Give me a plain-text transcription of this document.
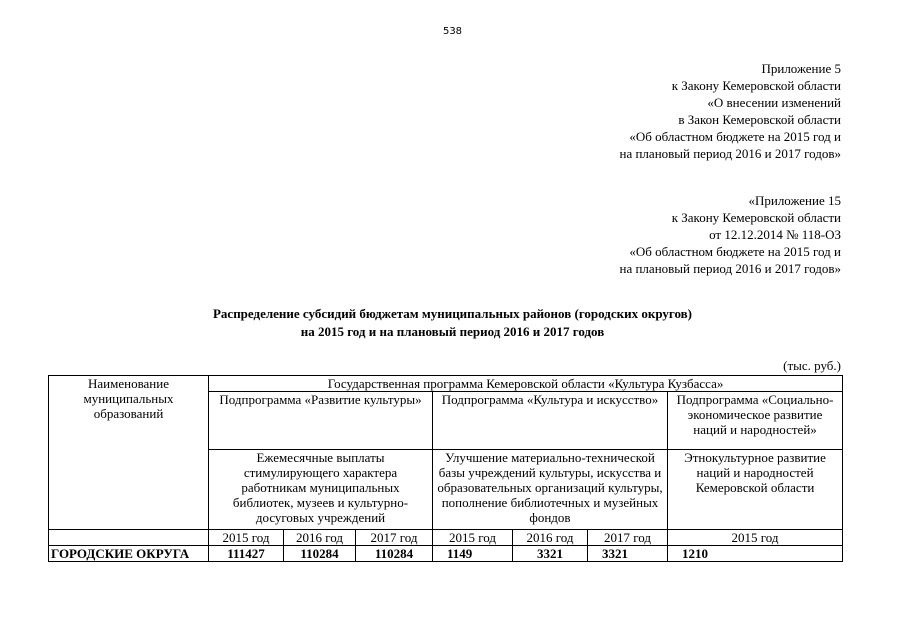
538
Приложение 5
к Закону Кемеровской области
«О внесении изменений
в Закон Кемеровской области
«Об областном бюджете на 2015 год и
на плановый период 2016 и 2017 годов»
«Приложение 15
к Закону Кемеровской области
от 12.12.2014 № 118-ОЗ
«Об областном бюджете на 2015 год и
на плановый период 2016 и 2017 годов»
Распределение субсидий бюджетам муниципальных районов (городских округов)
на 2015 год и на плановый период 2016 и 2017 годов
(тыс. руб.)
Наименование муниципальных образований	Государственная программа Кемеровской области «Культура Кузбасса»						
	Подпрограмма «Развитие культуры»			Подпрограмма «Культура и искусство»			Подпрограмма «Социально-экономическое развитие наций и народностей»
	Ежемесячные выплаты стимулирующего характера работникам муниципальных библиотек, музеев и культурно-досуговых учреждений			Улучшение материально-технической базы учреждений культуры, искусства и образовательных организаций культуры, пополнение библиотечных и музейных фондов			Этнокультурное развитие наций и народностей Кемеровской области
	2015 год	2016 год	2017 год	2015 год	2016 год	2017 год	2015 год
ГОРОДСКИЕ ОКРУГА	111427	110284	110284	1149	3321	3321	1210
